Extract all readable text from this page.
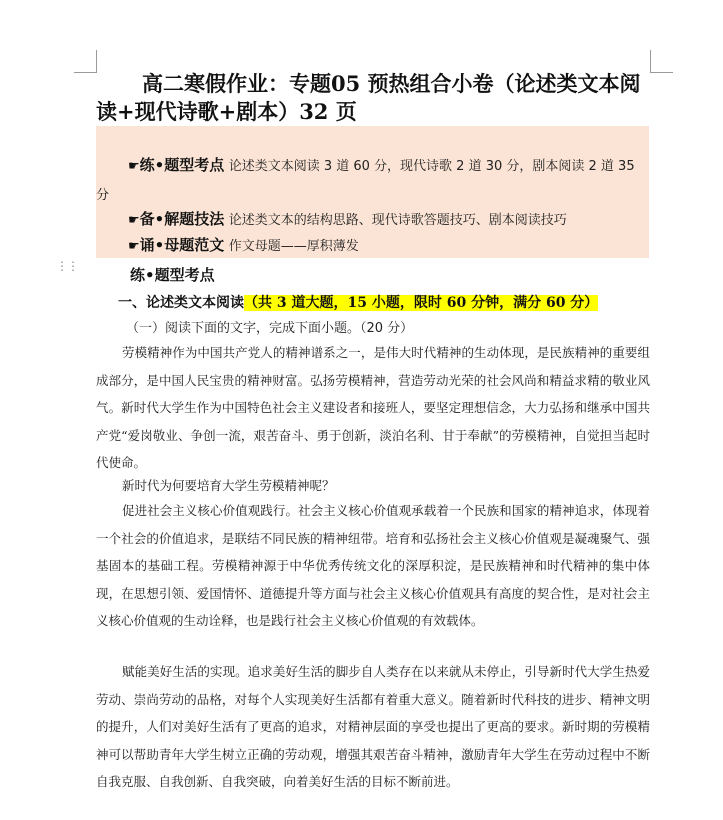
高二寒假作业：专题05 预热组合小卷（论述类文本阅读+现代诗歌+剧本）32 页
☛练•题型考点 论述类文本阅读 3 道 60 分，现代诗歌 2 道 30 分，剧本阅读 2 道 35
分
☛备•解题技法 论述类文本的结构思路、现代诗歌答题技巧、剧本阅读技巧
☛诵•母题范文 作文母题——厚积薄发
⋮⋮	练•题型考点
一、论述类文本阅读（共 3 道大题，15 小题，限时 60 分钟，满分 60 分）
（一）阅读下面的文字，完成下面小题。（20 分）
劳模精神作为中国共产党人的精神谱系之一，是伟大时代精神的生动体现，是民族精神的重要组成部分，是中国人民宝贵的精神财富。弘扬劳模精神，营造劳动光荣的社会风尚和精益求精的敬业风气。新时代大学生作为中国特色社会主义建设者和接班人，要坚定理想信念，大力弘扬和继承中国共产党“爱岗敬业、争创一流，艰苦奋斗、勇于创新，淡泊名利、甘于奉献”的劳模精神，自觉担当起时代使命。
新时代为何要培育大学生劳模精神呢？
促进社会主义核心价值观践行。社会主义核心价值观承载着一个民族和国家的精神追求，体现着一个社会的价值追求，是联结不同民族的精神纽带。培育和弘扬社会主义核心价值观是凝魂聚气、强基固本的基础工程。劳模精神源于中华优秀传统文化的深厚积淀，是民族精神和时代精神的集中体现，在思想引领、爱国情怀、道德提升等方面与社会主义核心价值观具有高度的契合性，是对社会主义核心价值观的生动诠释，也是践行社会主义核心价值观的有效载体。
赋能美好生活的实现。追求美好生活的脚步自人类存在以来就从未停止，引导新时代大学生热爱劳动、崇尚劳动的品格，对每个人实现美好生活都有着重大意义。随着新时代科技的进步、精神文明的提升，人们对美好生活有了更高的追求，对精神层面的享受也提出了更高的要求。新时期的劳模精神可以帮助青年大学生树立正确的劳动观，增强其艰苦奋斗精神，激励青年大学生在劳动过程中不断自我克服、自我创新、自我突破，向着美好生活的目标不断前进。
